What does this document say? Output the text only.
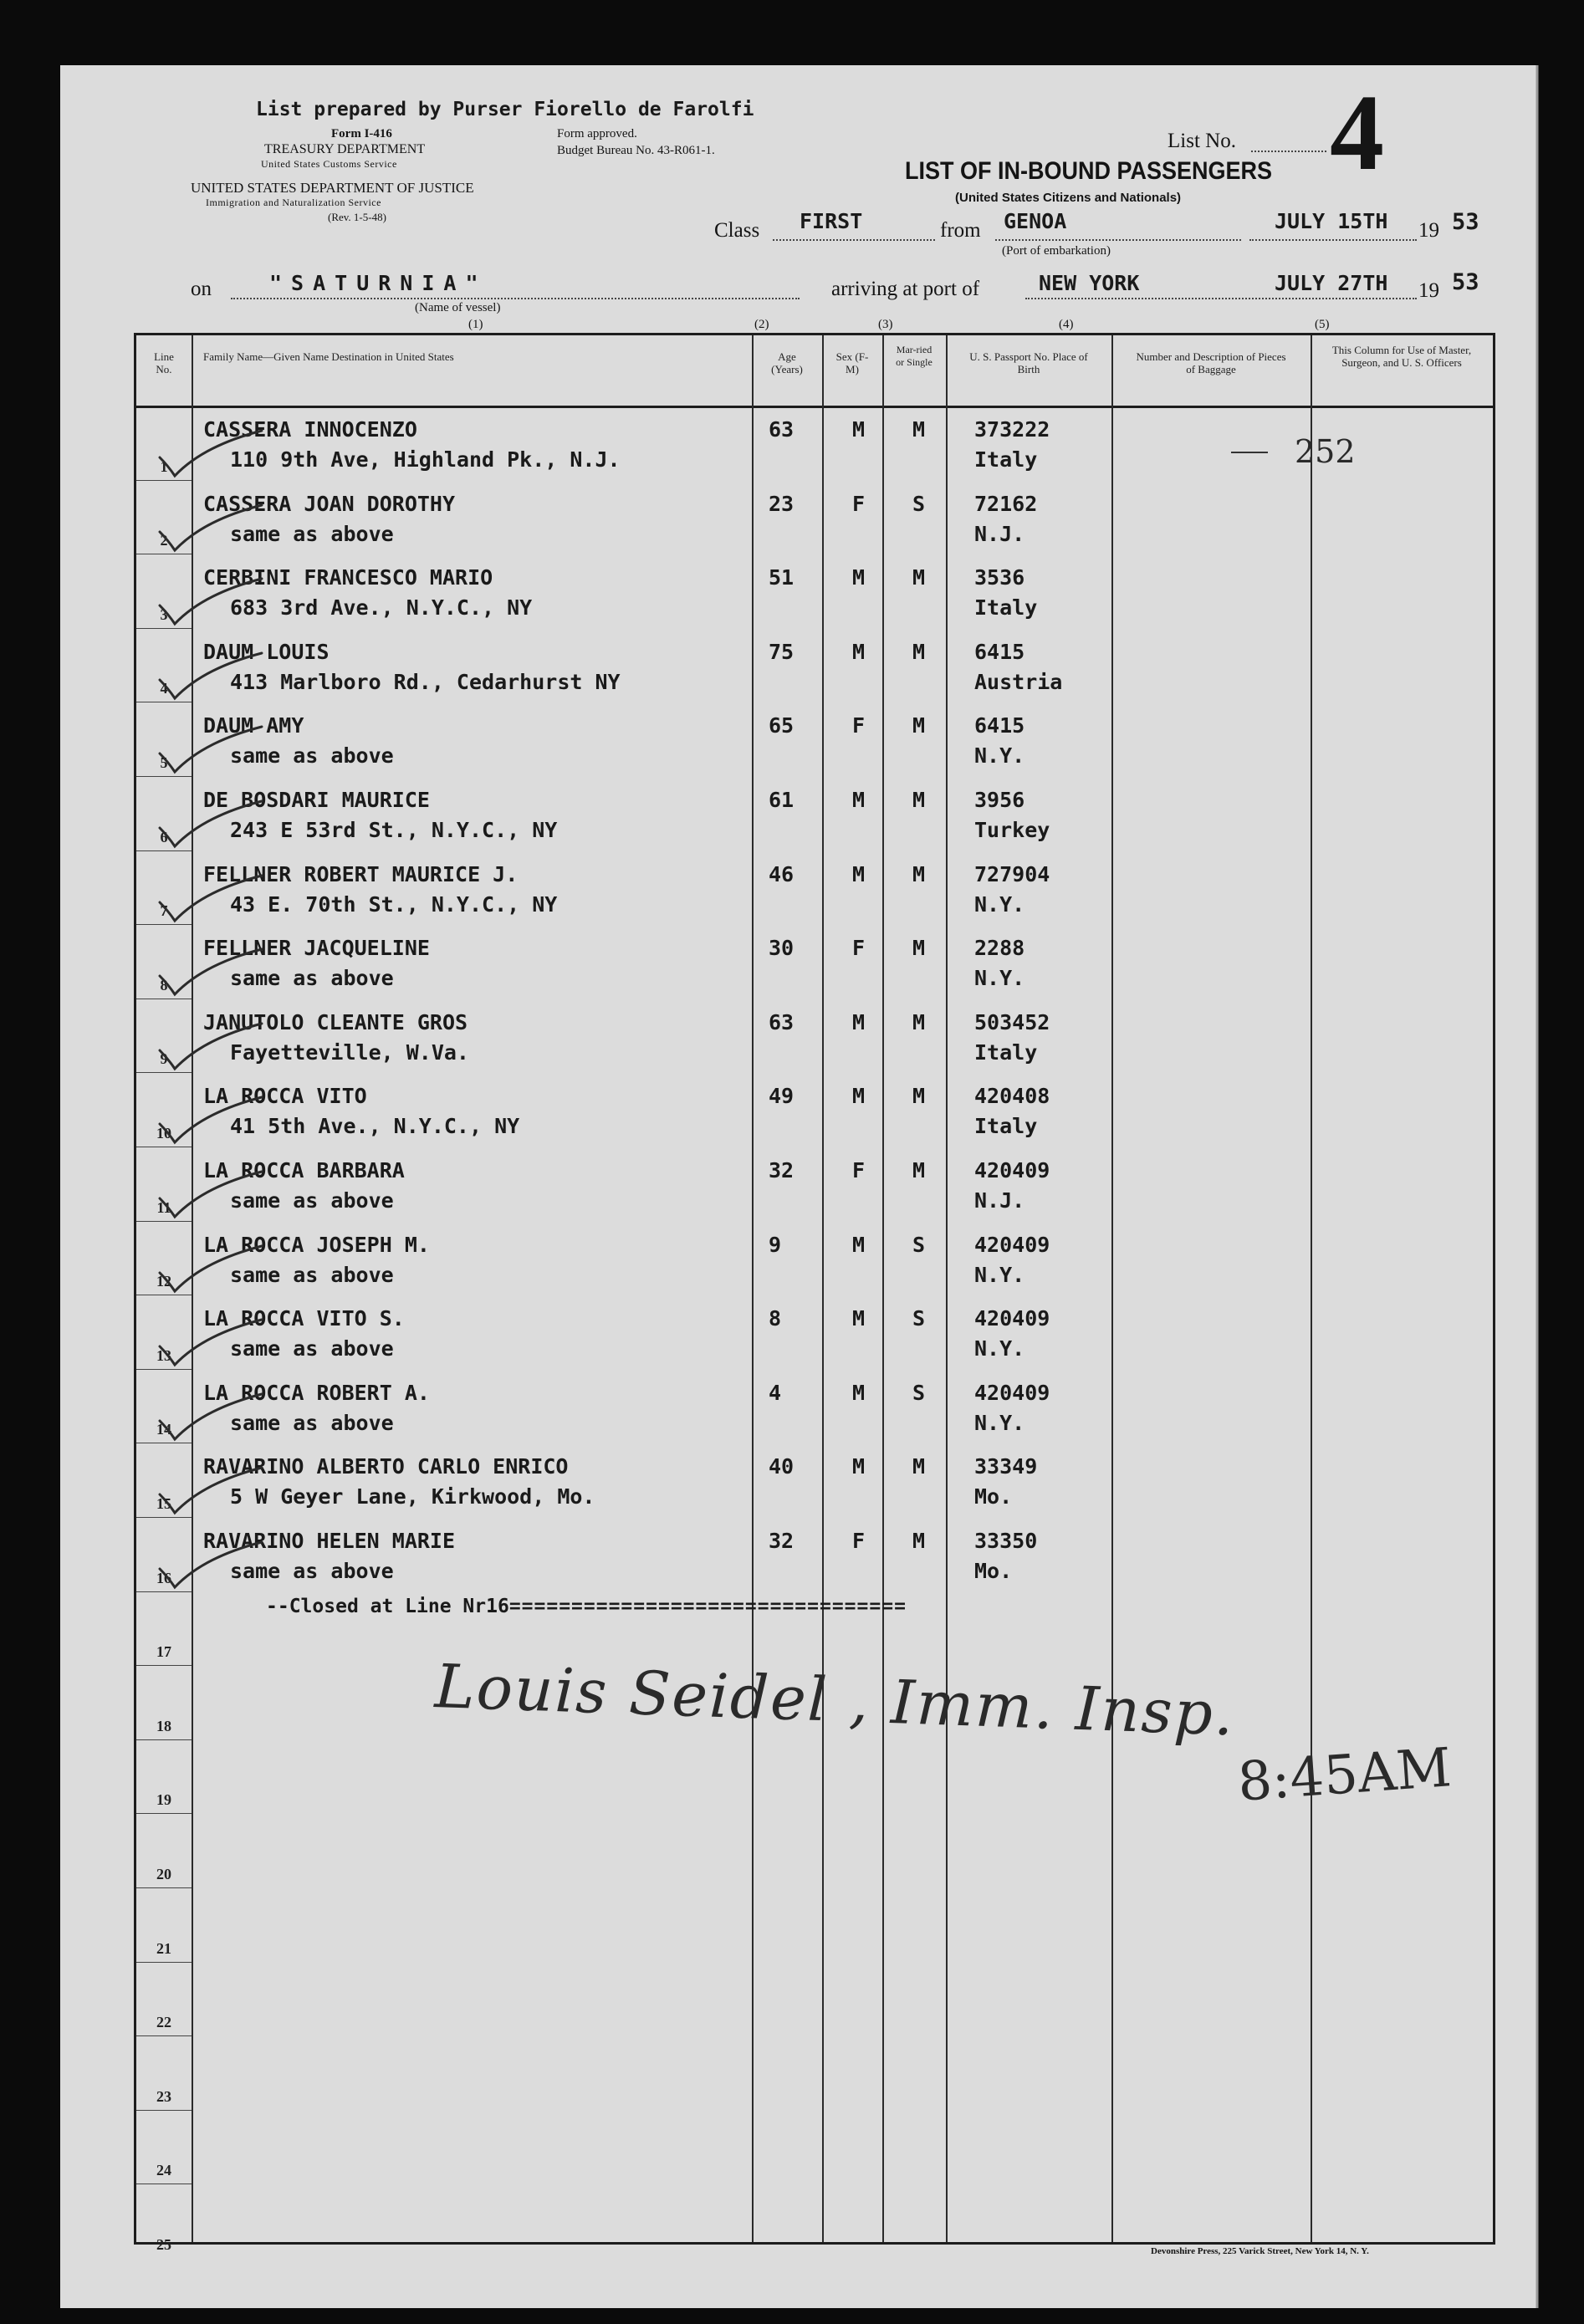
List prepared by Purser Fiorello de Farolfi
Form I-416
TREASURY DEPARTMENT
United States Customs Service
Form approved.
Budget Bureau No. 43-R061-1.
UNITED STATES DEPARTMENT OF JUSTICE
Immigration and Naturalization Service
(Rev. 1-5-48)
List No. 4
LIST OF IN-BOUND PASSENGERS
(United States Citizens and Nationals)
Class FIRST	from GENOA
(Port of embarkation)
JULY 15TH 19 53
on	"SATURNIA"
(Name of vessel)
arriving at port of	NEW YORK	JULY 27TH 19 53
(1)	(2)	(3)	(4)	(5)
Line No.
Family Name—Given Name Destination in United States	Age (Years)
Sex (F-M)
Mar-ried or Single	U. S. Passport No. Place of Birth
Number and Description of Pieces of Baggage
This Column for Use of Master, Surgeon, and U. S. Officers
1
CASSERA INNOCENZO
110 9th Ave, Highland Pk., N.J.
63	M M 373222
Italy
2
CASSERA JOAN DOROTHY
same as above
23	F S 72162
N.J.
3
CERBINI FRANCESCO MARIO
683 3rd Ave., N.Y.C., NY
51	M M 3536
Italy
4
DAUM LOUIS
413 Marlboro Rd., Cedarhurst NY
75	M M 6415
Austria
5
DAUM AMY
same as above
65	F M 6415
N.Y.
6
DE BOSDARI MAURICE
243 E 53rd St., N.Y.C., NY
61	M M 3956
Turkey
7
FELLNER ROBERT MAURICE J.
43 E. 70th St., N.Y.C., NY
46	M M 727904
N.Y.
8
FELLNER JACQUELINE
same as above
30	F M 2288
N.Y.
9
JANUTOLO CLEANTE GROS
Fayetteville, W.Va.
63	M M 503452
Italy
10
LA ROCCA VITO
41 5th Ave., N.Y.C., NY
49	M M 420408
Italy
11
LA ROCCA BARBARA
same as above
32	F M 420409
N.J.
12
LA ROCCA JOSEPH M.
same as above
9	M S 420409
N.Y.
13
LA ROCCA VITO S.
same as above
8	M S 420409
N.Y.
14
LA ROCCA ROBERT A.
same as above
4	M S 420409
N.Y.
15
RAVARINO ALBERTO CARLO ENRICO
5 W Geyer Lane, Kirkwood, Mo.
40	M M 33349
Mo.
16
RAVARINO HELEN MARIE
same as above
32	F M 33350
Mo.
17
18
19
20
21
22
23
24
25
252
--Closed at Line Nr16================================
Louis Seidel , Imm. Insp.
8:45AM
Devonshire Press, 225 Varick Street, New York 14, N. Y.
